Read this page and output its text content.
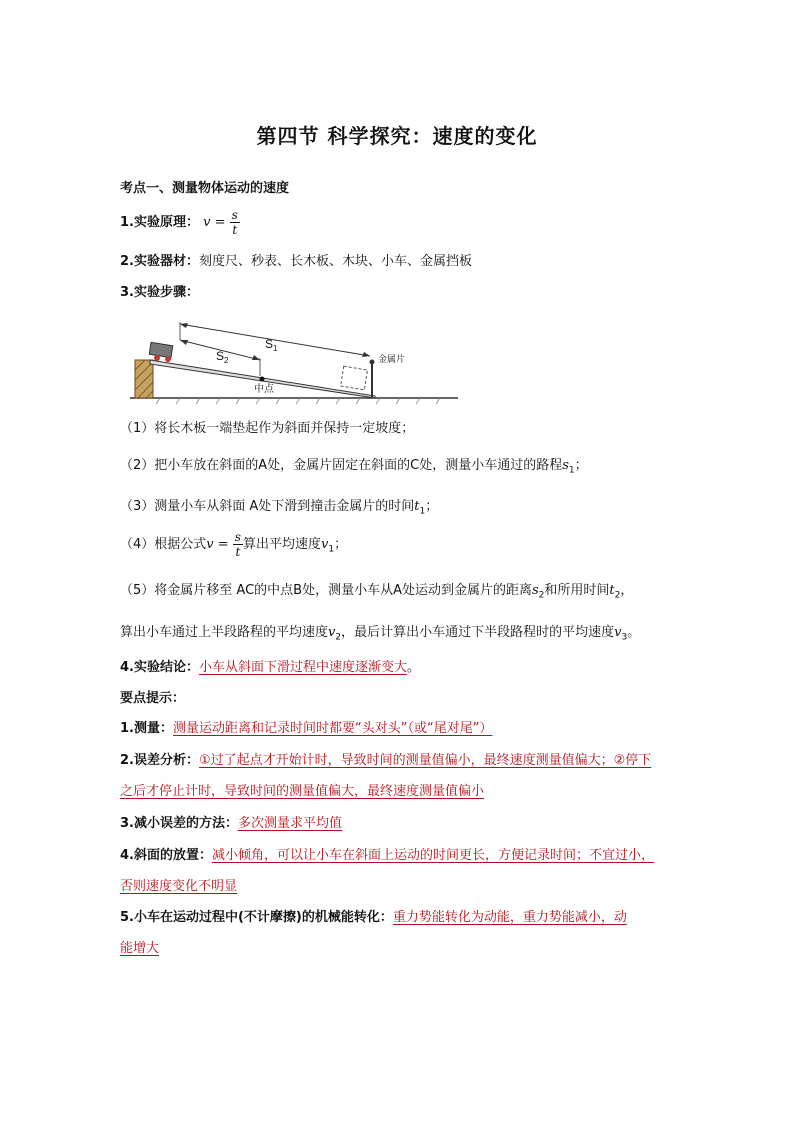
第四节 科学探究：速度的变化
考点一、测量物体运动的速度
1.实验原理： $v = \frac{s}{t}$
2.实验器材：刻度尺、秒表、长木板、木块、小车、金属挡板
3.实验步骤：
$S_1$
$S_2$	金属片
中点
（1）将长木板一端垫起作为斜面并保持一定坡度；
（2）把小车放在斜面的A处，金属片固定在斜面的C处，测量小车通过的路程$s_1$；
（3）测量小车从斜面 A处下滑到撞击金属片的时间$t_1$；
（4）根据公式$v = \frac{s}{t}$ 算出平均速度$v_1$；
（5）将金属片移至 AC的中点B处，测量小车从A处运动到金属片的距离$s_2$和所用时间$t_2$，
算出小车通过上半段路程的平均速度$v_2$，最后计算出小车通过下半段路程时的平均速度$v_3$。
4.实验结论：小车从斜面下滑过程中速度逐渐变大。
要点提示：
1.测量：测量运动距离和记录时间时都要“头对头”（或“尾对尾”）
2.误差分析：①过了起点才开始计时，导致时间的测量值偏小，最终速度测量值偏大；②停下
之后才停止计时，导致时间的测量值偏大，最终速度测量值偏小
3.减小误差的方法：多次测量求平均值
4.斜面的放置：减小倾角，可以让小车在斜面上运动的时间更长，方便记录时间；不宜过小，
否则速度变化不明显
5.小车在运动过程中(不计摩擦)的机械能转化：重力势能转化为动能，重力势能减小，动
能增大
